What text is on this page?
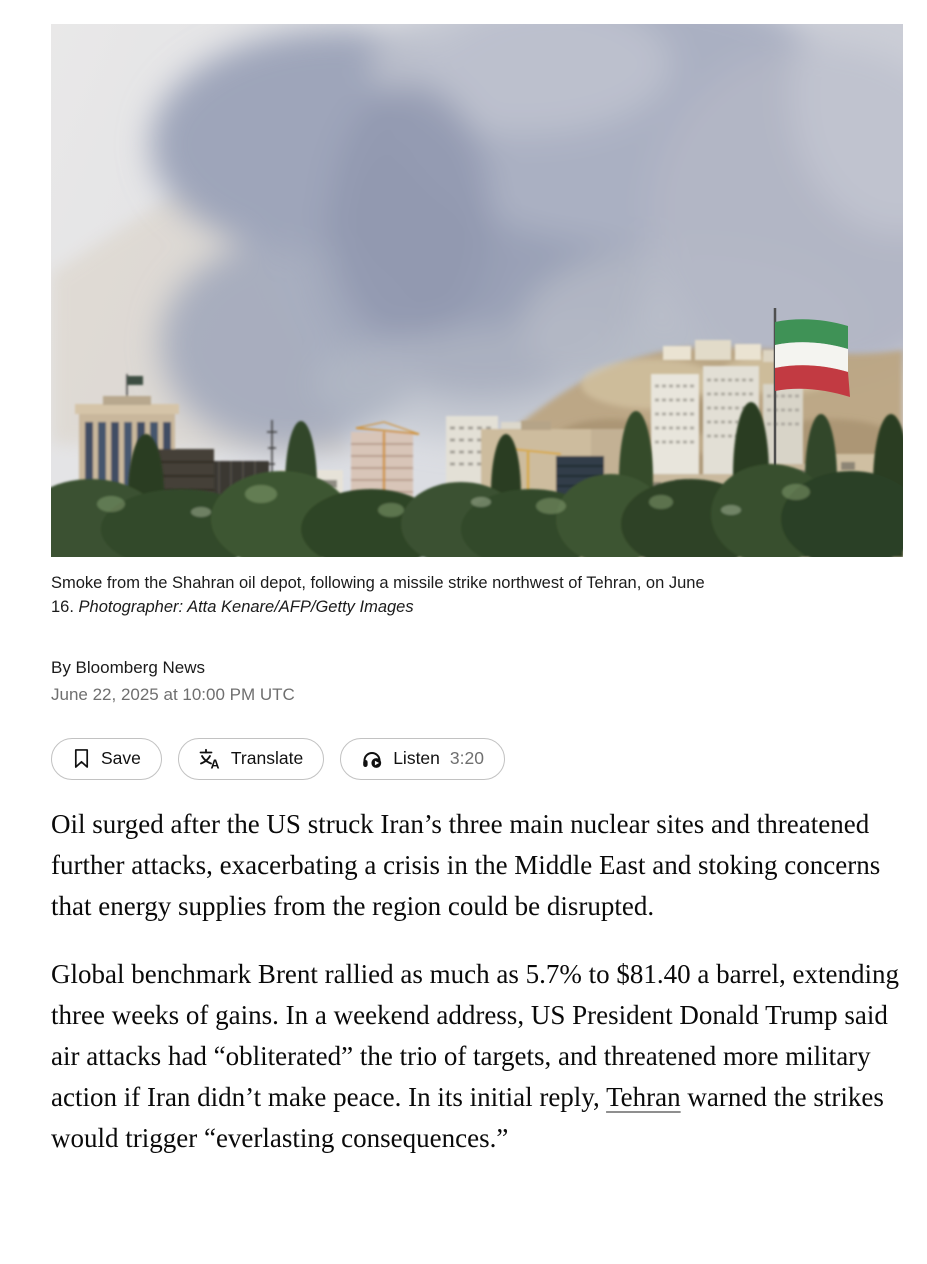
Smoke from the Shahran oil depot, following a missile strike northwest of Tehran, on June
16. Photographer: Atta Kenare/AFP/Getty Images
By Bloomberg News
June 22, 2025 at 10:00 PM UTC
Save	A Translate	Listen 3:20

Oil surged after the US struck Iran’s three main nuclear sites and threatened further attacks, exacerbating a crisis in the Middle East and stoking concerns that energy supplies from the region could be disrupted.

Global benchmark Brent rallied as much as 5.7% to $81.40 a barrel, extending three weeks of gains. In a weekend address, US President Donald Trump said air attacks had “obliterated” the trio of targets, and threatened more military action if Iran didn’t make peace. In its initial reply, Tehran warned the strikes would trigger “everlasting consequences.”
